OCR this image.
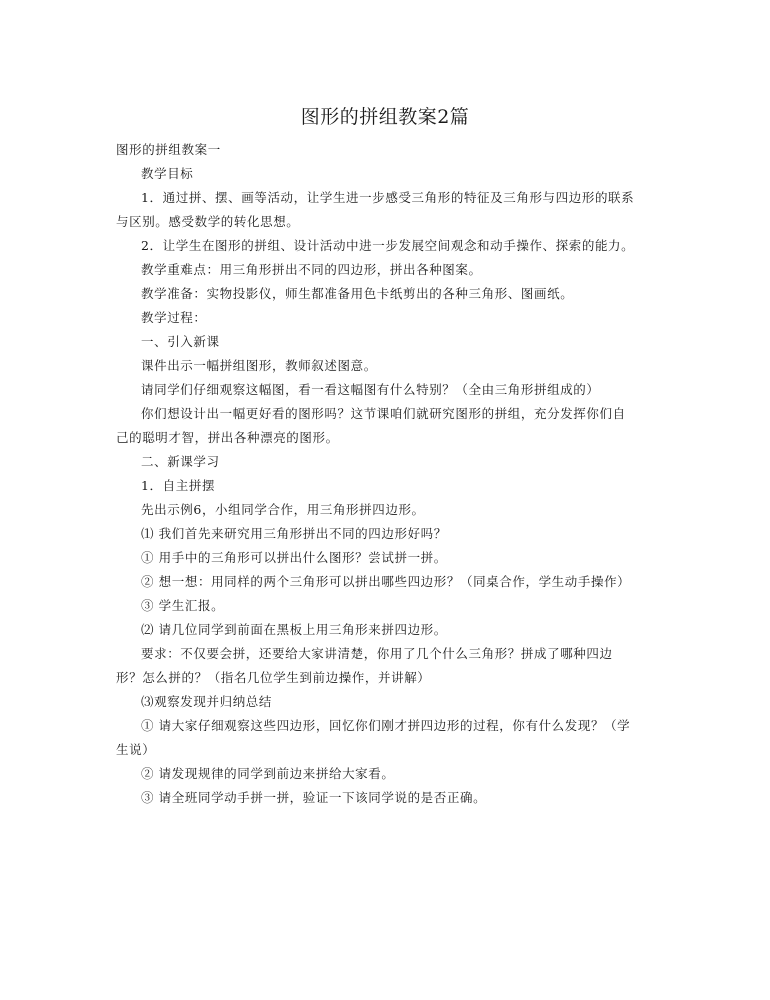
图形的拼组教案2篇
图形的拼组教案一
教学目标
1．通过拼、摆、画等活动，让学生进一步感受三角形的特征及三角形与四边形的联系
与区别。感受数学的转化思想。
2．让学生在图形的拼组、设计活动中进一步发展空间观念和动手操作、探索的能力。
教学重难点：用三角形拼出不同的四边形，拼出各种图案。
教学准备：实物投影仪，师生都准备用色卡纸剪出的各种三角形、图画纸。
教学过程：
一、引入新课
课件出示一幅拼组图形，教师叙述图意。
请同学们仔细观察这幅图，看一看这幅图有什么特别？（全由三角形拼组成的）
你们想设计出一幅更好看的图形吗？这节课咱们就研究图形的拼组，充分发挥你们自
己的聪明才智，拼出各种漂亮的图形。
二、新课学习
1．自主拼摆
先出示例6，小组同学合作，用三角形拼四边形。
⑴ 我们首先来研究用三角形拼出不同的四边形好吗？
① 用手中的三角形可以拼出什么图形？尝试拼一拼。
② 想一想：用同样的两个三角形可以拼出哪些四边形？（同桌合作，学生动手操作）
③ 学生汇报。
⑵ 请几位同学到前面在黑板上用三角形来拼四边形。
要求：不仅要会拼，还要给大家讲清楚，你用了几个什么三角形？拼成了哪种四边
形？怎么拼的？（指名几位学生到前边操作，并讲解）
⑶观察发现并归纳总结
① 请大家仔细观察这些四边形，回忆你们刚才拼四边形的过程，你有什么发现？（学
生说）
② 请发现规律的同学到前边来拼给大家看。
③ 请全班同学动手拼一拼，验证一下该同学说的是否正确。
